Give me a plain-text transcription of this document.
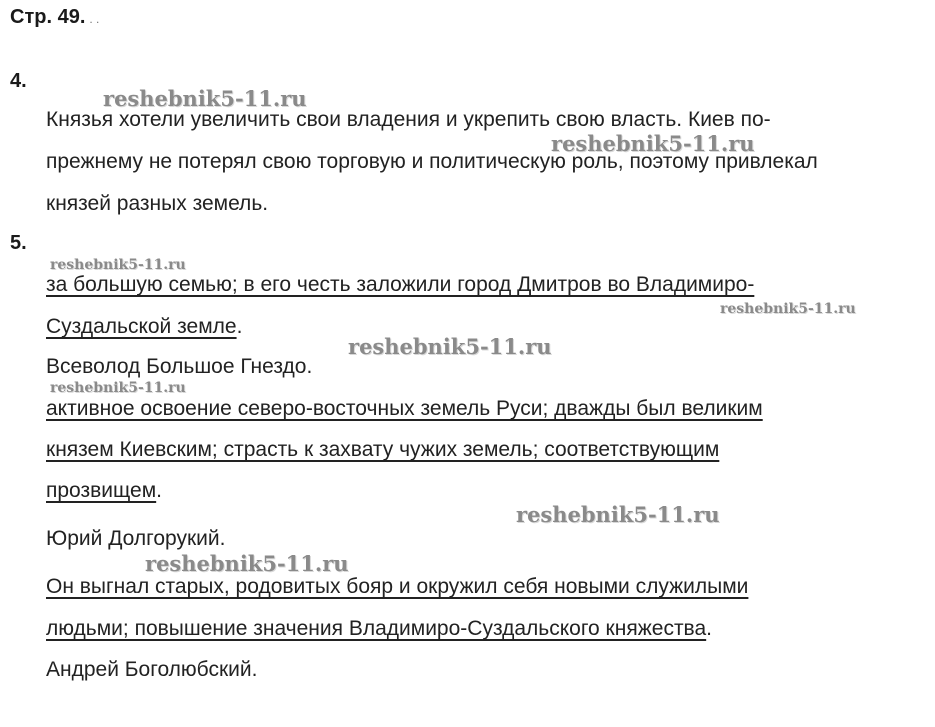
Стр. 49. . .
4.
Князья хотели увеличить свои владения и укрепить свою власть. Киев по-
прежнему не потерял свою торговую и политическую роль, поэтому привлекал
князей разных земель.
5.
за большую семью; в его честь заложили город Дмитров во Владимиро-
Суздальской земле.
Всеволод Большое Гнездо.
активное освоение северо-восточных земель Руси; дважды был великим
князем Киевским; страсть к захвату чужих земель; соответствующим
прозвищем.
Юрий Долгорукий.
Он выгнал старых, родовитых бояр и окружил себя новыми служилыми
людьми; повышение значения Владимиро-Суздальского княжества.
Андрей Боголюбский.
reshebnik5-11.ru
reshebnik5-11.ru
reshebnik5-11.ru
reshebnik5-11.ru
reshebnik5-11.ru
reshebnik5-11.ru
reshebnik5-11.ru
reshebnik5-11.ru
